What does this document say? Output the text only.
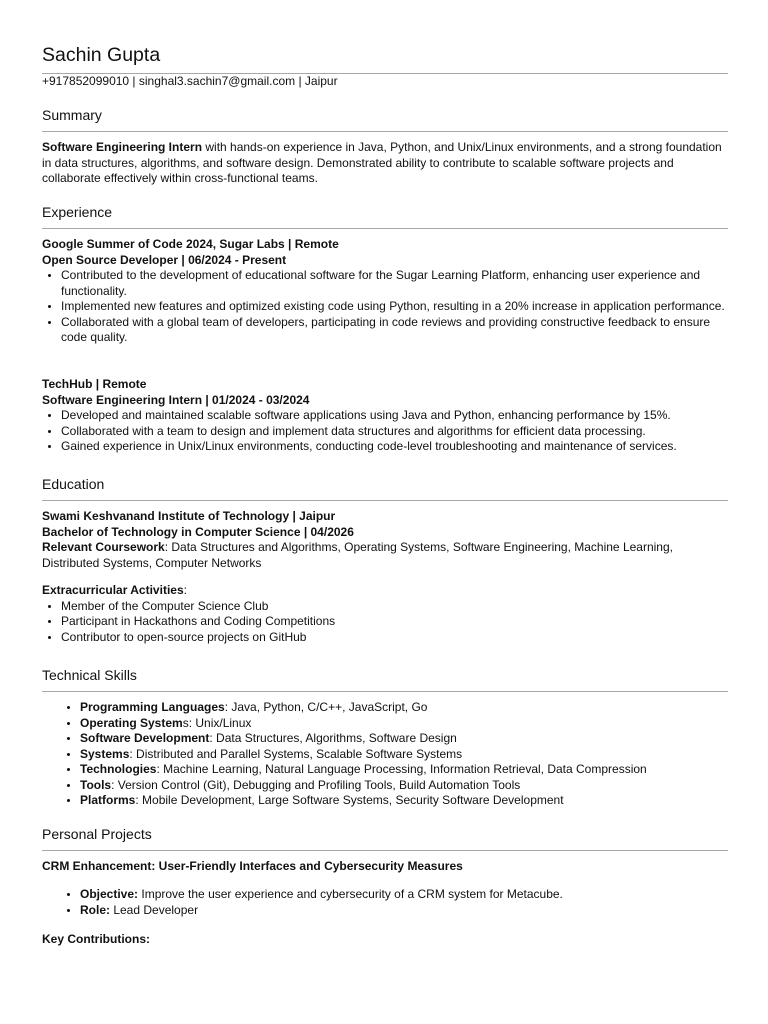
Sachin Gupta
+917852099010 | singhal3.sachin7@gmail.com | Jaipur
Summary

Software Engineering Intern with hands-on experience in Java, Python, and Unix/Linux environments, and a strong foundation in data structures, algorithms, and software design. Demonstrated ability to contribute to scalable software projects and collaborate effectively within cross-functional teams.

Experience
Google Summer of Code 2024, Sugar Labs | Remote
Open Source Developer | 06/2024 - Present
• Contributed to the development of educational software for the Sugar Learning Platform, enhancing user experience and functionality.
• Implemented new features and optimized existing code using Python, resulting in a 20% increase in application performance.
• Collaborated with a global team of developers, participating in code reviews and providing constructive feedback to ensure code quality.
TechHub | Remote
Software Engineering Intern | 01/2024 - 03/2024
• Developed and maintained scalable software applications using Java and Python, enhancing performance by 15%.
• Collaborated with a team to design and implement data structures and algorithms for efficient data processing.
• Gained experience in Unix/Linux environments, conducting code-level troubleshooting and maintenance of services.
Education
Swami Keshvanand Institute of Technology | Jaipur
Bachelor of Technology in Computer Science | 04/2026

Relevant Coursework: Data Structures and Algorithms, Operating Systems, Software Engineering, Machine Learning, Distributed Systems, Computer Networks

Extracurricular Activities:
• Member of the Computer Science Club
• Participant in Hackathons and Coding Competitions
• Contributor to open-source projects on GitHub
Technical Skills
• Programming Languages: Java, Python, C/C++, JavaScript, Go
• Operating Systems: Unix/Linux
• Software Development: Data Structures, Algorithms, Software Design
• Systems: Distributed and Parallel Systems, Scalable Software Systems
• Technologies: Machine Learning, Natural Language Processing, Information Retrieval, Data Compression
• Tools: Version Control (Git), Debugging and Profiling Tools, Build Automation Tools
• Platforms: Mobile Development, Large Software Systems, Security Software Development
Personal Projects
CRM Enhancement: User-Friendly Interfaces and Cybersecurity Measures
• Objective: Improve the user experience and cybersecurity of a CRM system for Metacube.
• Role: Lead Developer
Key Contributions:
